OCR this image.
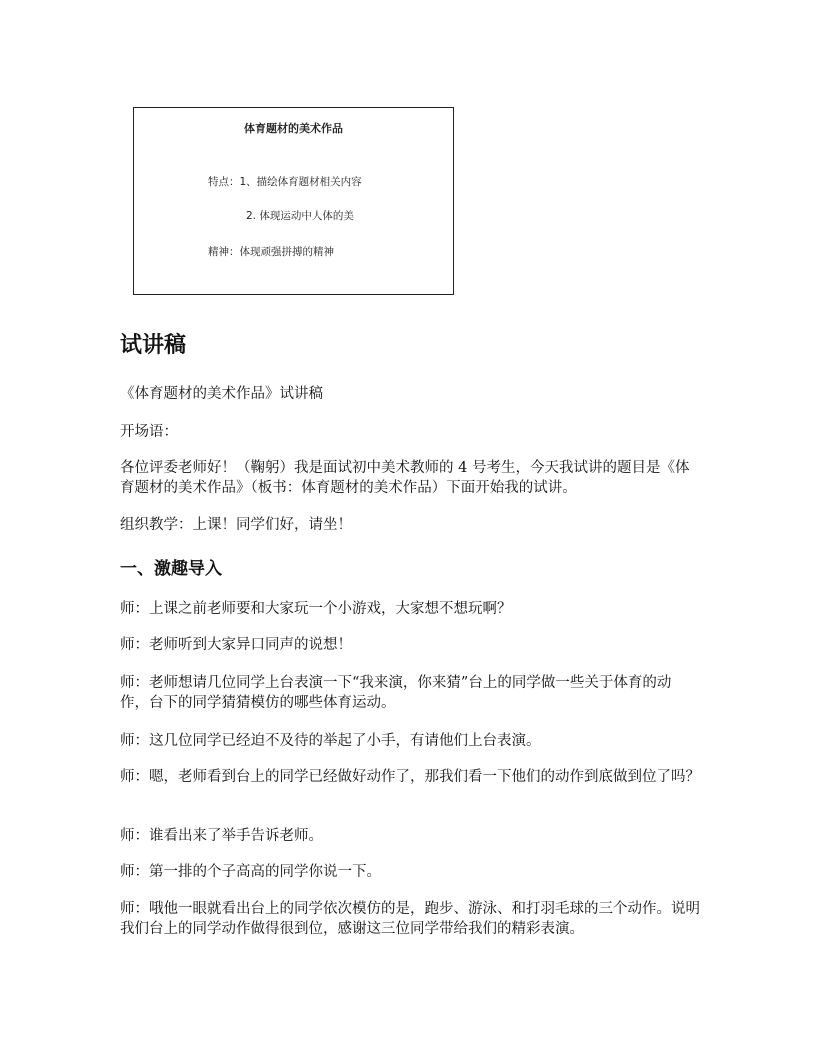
体育题材的美术作品
特点：1、描绘体育题材相关内容
2. 体现运动中人体的美
精神：体现顽强拼搏的精神
试讲稿

《体育题材的美术作品》试讲稿

开场语：

各位评委老师好！（鞠躬）我是面试初中美术教师的 4 号考生，今天我试讲的题目是《体育题材的美术作品》（板书：体育题材的美术作品）下面开始我的试讲。

组织教学：上课！同学们好，请坐！

一、激趣导入

师：上课之前老师要和大家玩一个小游戏，大家想不想玩啊？

师：老师听到大家异口同声的说想！

师：老师想请几位同学上台表演一下“我来演，你来猜”台上的同学做一些关于体育的动作，台下的同学猜猜模仿的哪些体育运动。

师：这几位同学已经迫不及待的举起了小手，有请他们上台表演。

师：嗯，老师看到台上的同学已经做好动作了，那我们看一下他们的动作到底做到位了吗？

师：谁看出来了举手告诉老师。

师：第一排的个子高高的同学你说一下。

师：哦他一眼就看出台上的同学依次模仿的是，跑步、游泳、和打羽毛球的三个动作。说明我们台上的同学动作做得很到位，感谢这三位同学带给我们的精彩表演。
